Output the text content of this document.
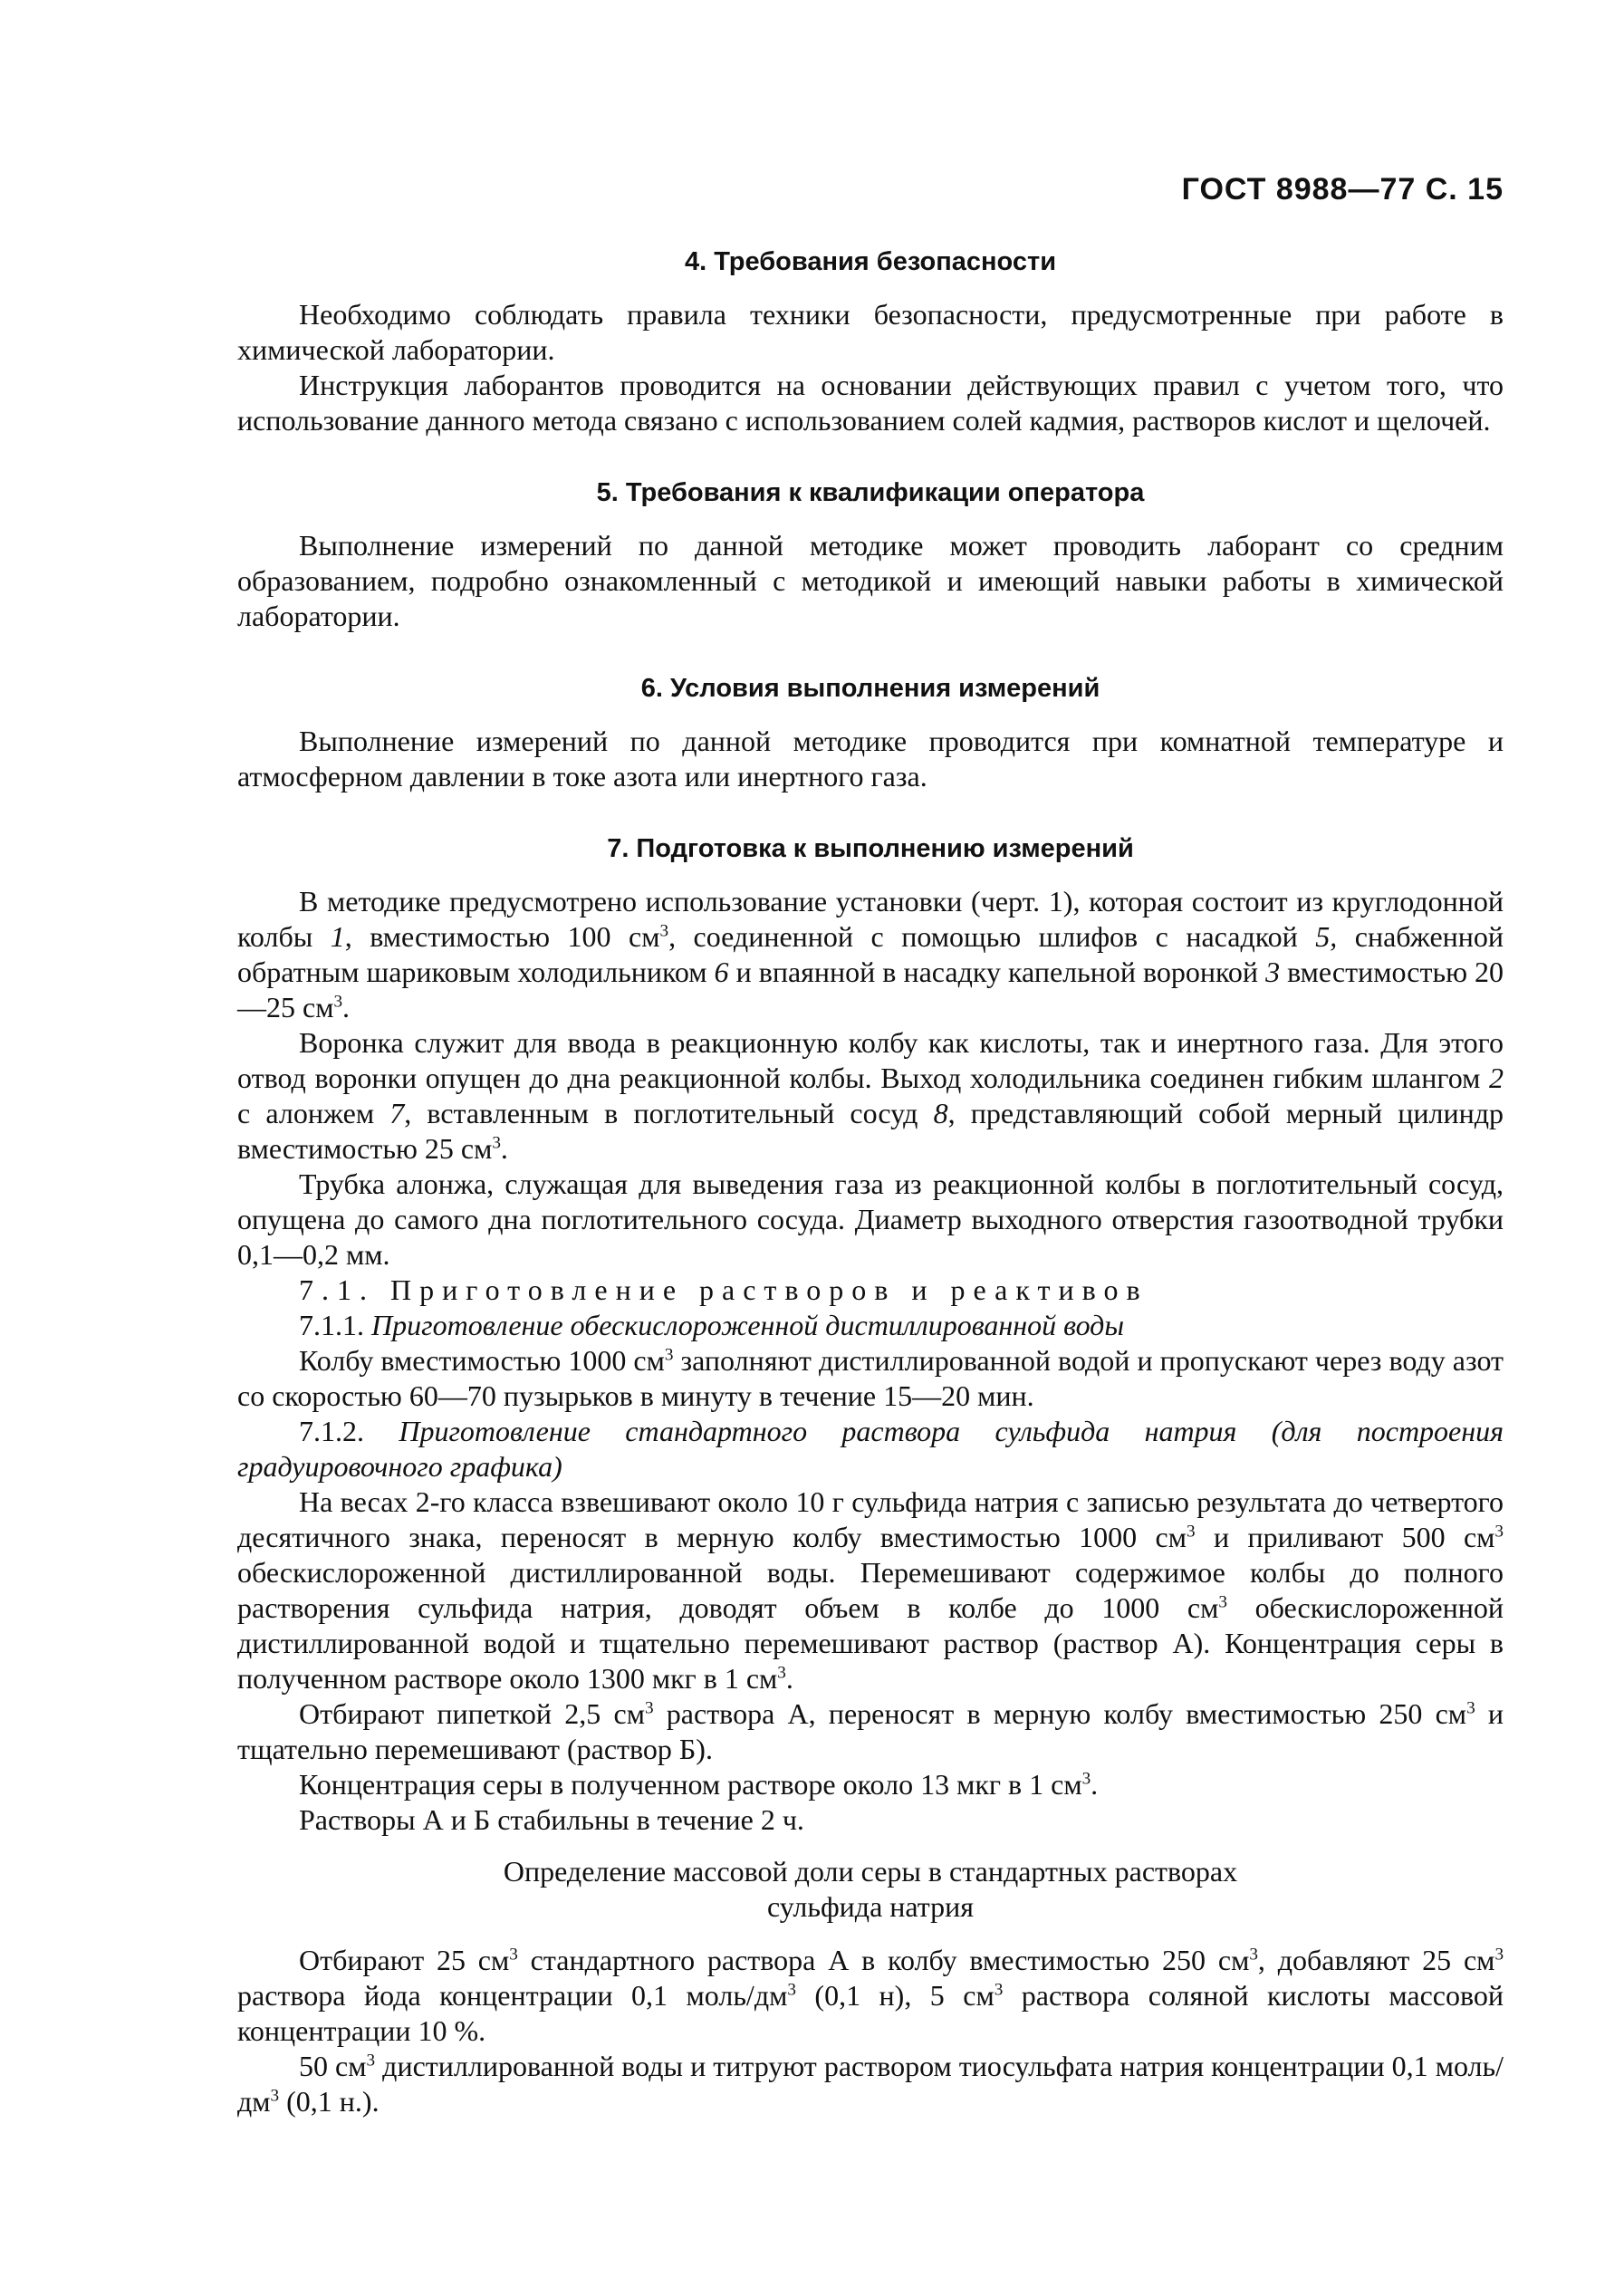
ГОСТ 8988—77 С. 15
4. Требования безопасности

Необходимо соблюдать правила техники безопасности, предусмотренные при работе в химической лаборатории.

Инструкция лаборантов проводится на основании действующих правил с учетом того, что использование данного метода связано с использованием солей кадмия, растворов кислот и щелочей.

5. Требования к квалификации оператора

Выполнение измерений по данной методике может проводить лаборант со средним образованием, подробно ознакомленный с методикой и имеющий навыки работы в химической лаборатории.

6. Условия выполнения измерений

Выполнение измерений по данной методике проводится при комнатной температуре и атмосферном давлении в токе азота или инертного газа.

7. Подготовка к выполнению измерений

В методике предусмотрено использование установки (черт. 1), которая состоит из круглодонной колбы 1, вместимостью 100 $см^3$, соединенной с помощью шлифов с насадкой 5, снабженной обратным шариковым холодильником 6 и впаянной в насадку капельной воронкой 3 вместимостью 20—25 $см^3$.

Воронка служит для ввода в реакционную колбу как кислоты, так и инертного газа. Для этого отвод воронки опущен до дна реакционной колбы. Выход холодильника соединен гибким шлангом 2 с алонжем 7, вставленным в поглотительный сосуд 8, представляющий собой мерный цилиндр вместимостью 25 $см^3$.

Трубка алонжа, служащая для выведения газа из реакционной колбы в поглотительный сосуд, опущена до самого дна поглотительного сосуда. Диаметр выходного отверстия газоотводной трубки 0,1—0,2 мм.

7.1. Приготовление растворов и реактивов

7.1.1. Приготовление обескислороженной дистиллированной воды

Колбу вместимостью 1000 $см^3$ заполняют дистиллированной водой и пропускают через воду азот со скоростью 60—70 пузырьков в минуту в течение 15—20 мин.

7.1.2. Приготовление стандартного раствора сульфида натрия (для построения градуировочного графика)

На весах 2-го класса взвешивают около 10 г сульфида натрия с записью результата до четвертого десятичного знака, переносят в мерную колбу вместимостью 1000 $см^3$ и приливают 500 $см^3$ обескислороженной дистиллированной воды. Перемешивают содержимое колбы до полного растворения сульфида натрия, доводят объем в колбе до 1000 $см^3$ обескислороженной дистиллированной водой и тщательно перемешивают раствор (раствор А). Концентрация серы в полученном растворе около 1300 мкг в 1 $см^3$.

Отбирают пипеткой 2,5 $см^3$ раствора А, переносят в мерную колбу вместимостью 250 $см^3$ и тщательно перемешивают (раствор Б).

Концентрация серы в полученном растворе около 13 мкг в 1 $см^3$.

Растворы А и Б стабильны в течение 2 ч.

Определение массовой доли серы в стандартных растворах
сульфида натрия

Отбирают 25 $см^3$ стандартного раствора А в колбу вместимостью 250 $см^3$, добавляют 25 $см^3$ раствора йода концентрации 0,1 моль/$дм^3$ (0,1 н), 5 $см^3$ раствора соляной кислоты массовой концентрации 10 %.

50 $см^3$ дистиллированной воды и титруют раствором тиосульфата натрия концентрации 0,1 моль/$дм^3$ (0,1 н.).
